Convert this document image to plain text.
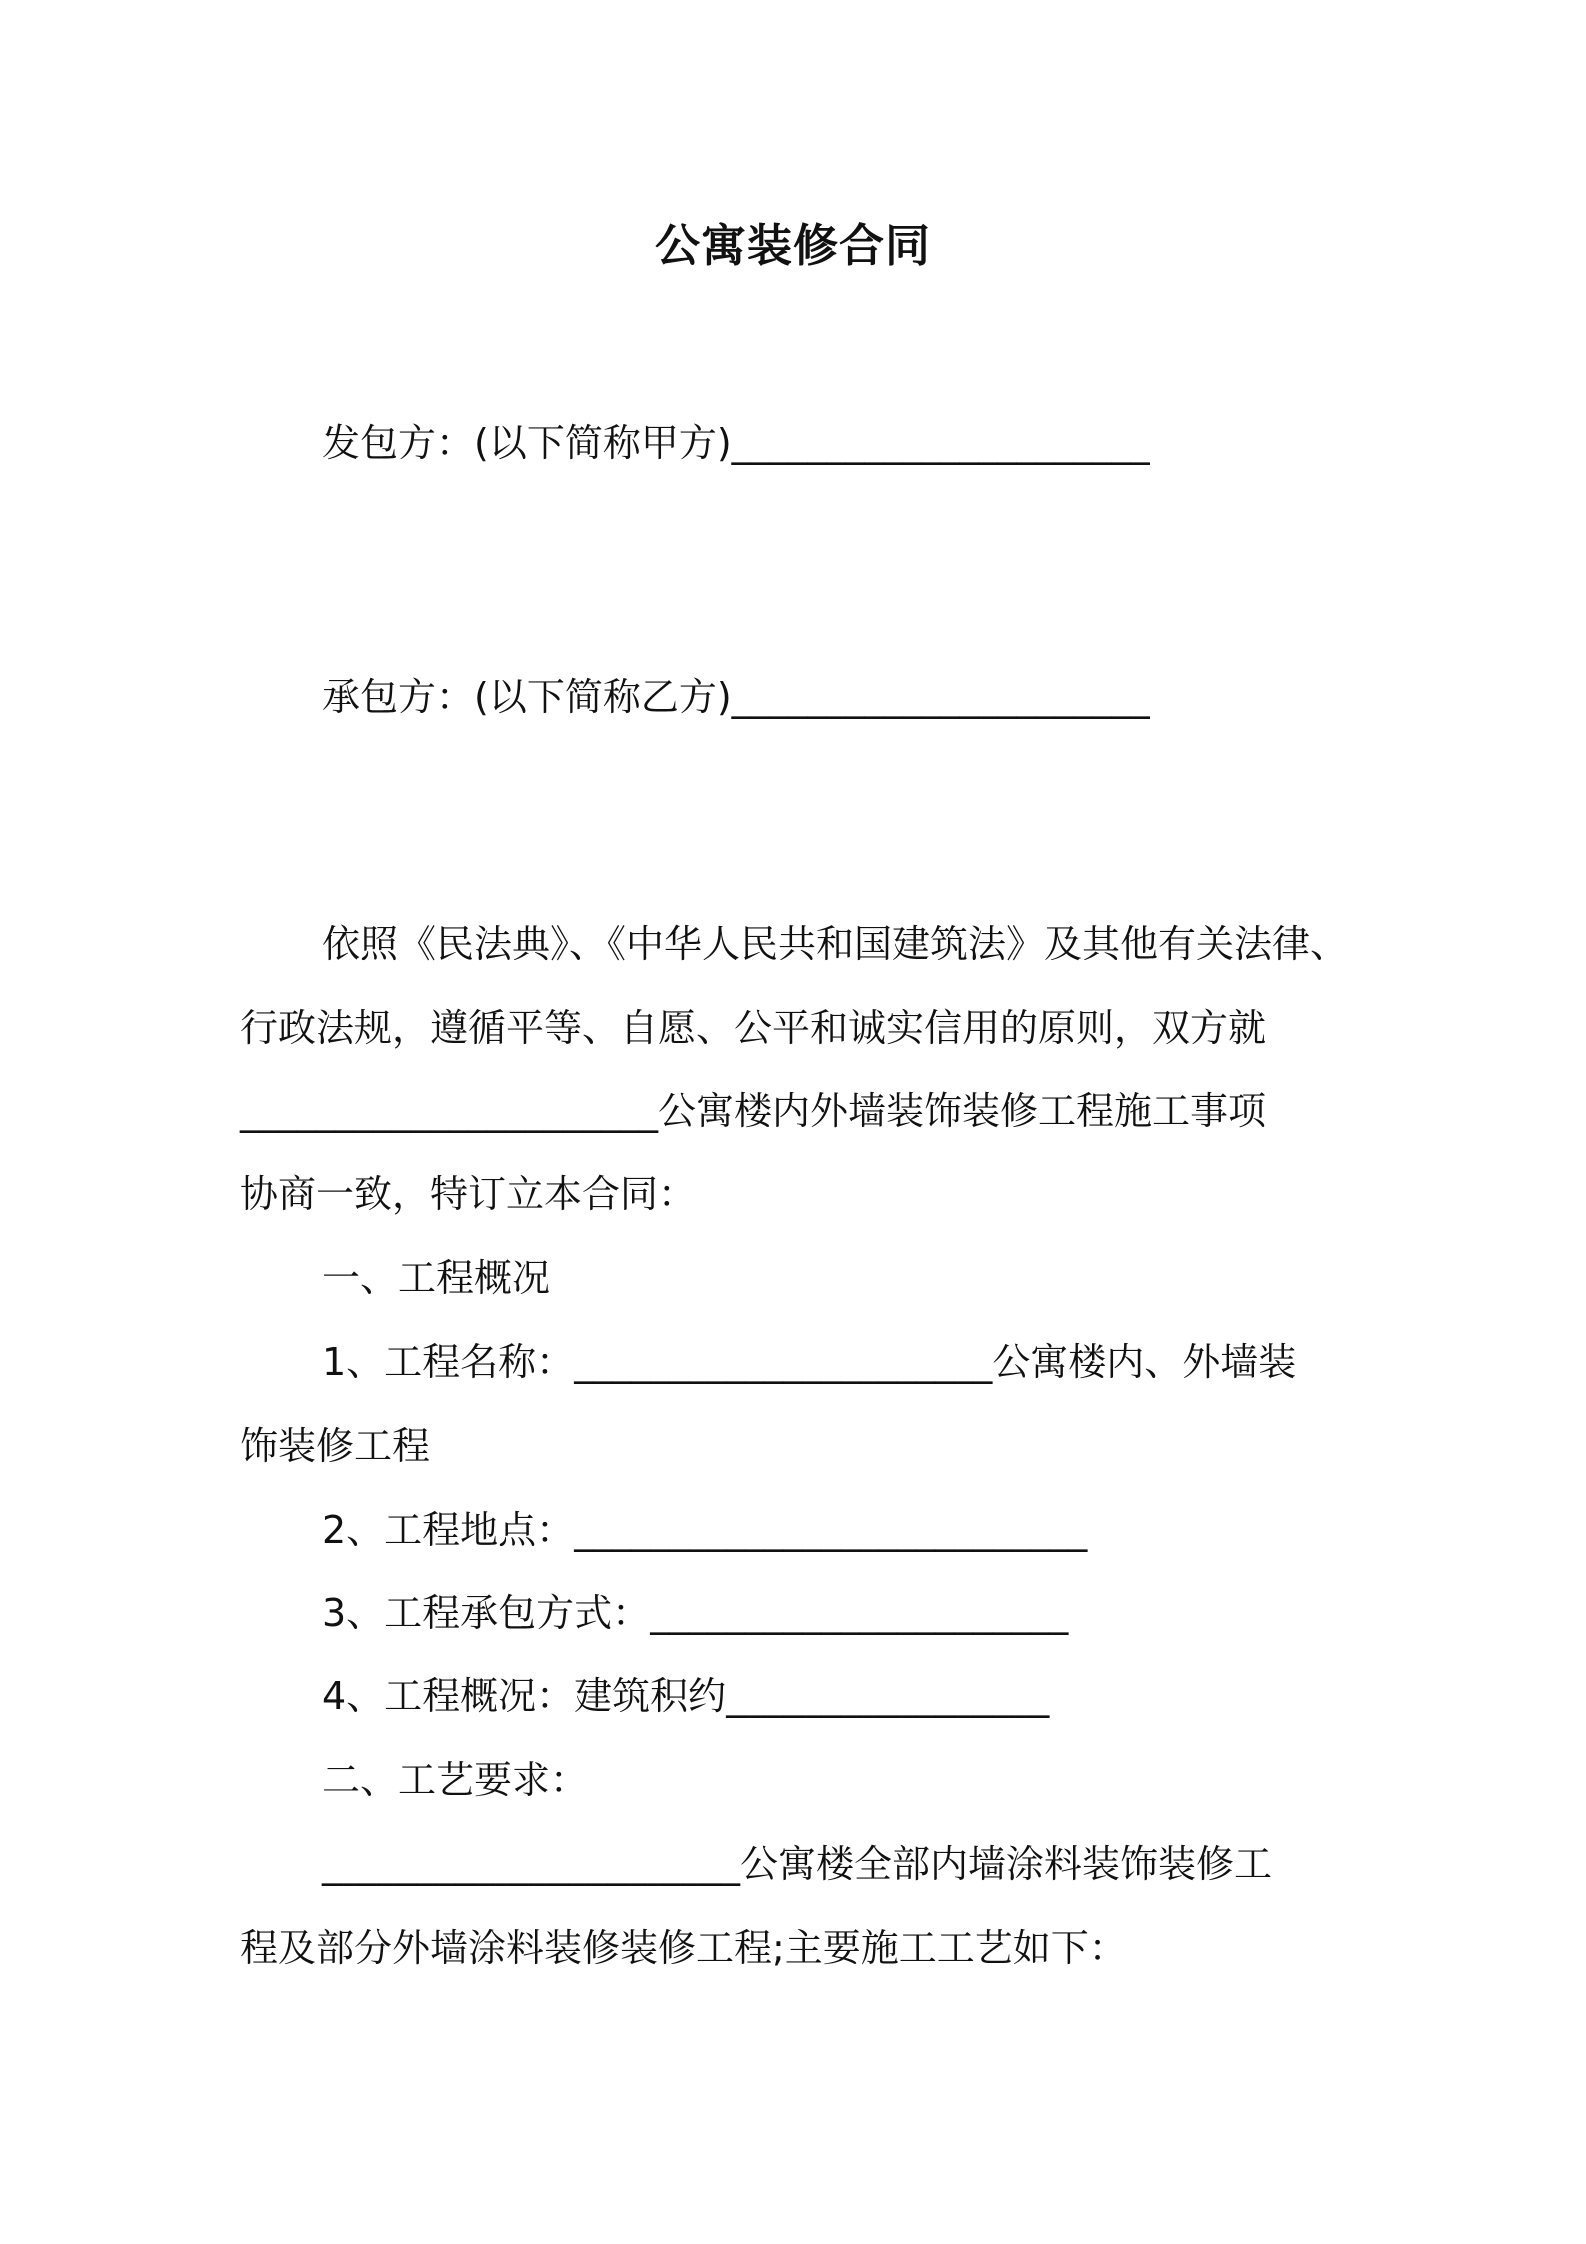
公寓装修合同
发包方：(以下简称甲方)______________________
承包方：(以下简称乙方)______________________
依照《民法典》、《中华人民共和国建筑法》及其他有关法律、
行政法规，遵循平等、自愿、公平和诚实信用的原则，双方就
______________________公寓楼内外墙装饰装修工程施工事项
协商一致，特订立本合同：
一、工程概况
1、工程名称：______________________公寓楼内、外墙装
饰装修工程
2、工程地点：___________________________
3、工程承包方式：______________________
4、工程概况：建筑积约_________________
二、工艺要求：
______________________公寓楼全部内墙涂料装饰装修工
程及部分外墙涂料装修装修工程;主要施工工艺如下：
